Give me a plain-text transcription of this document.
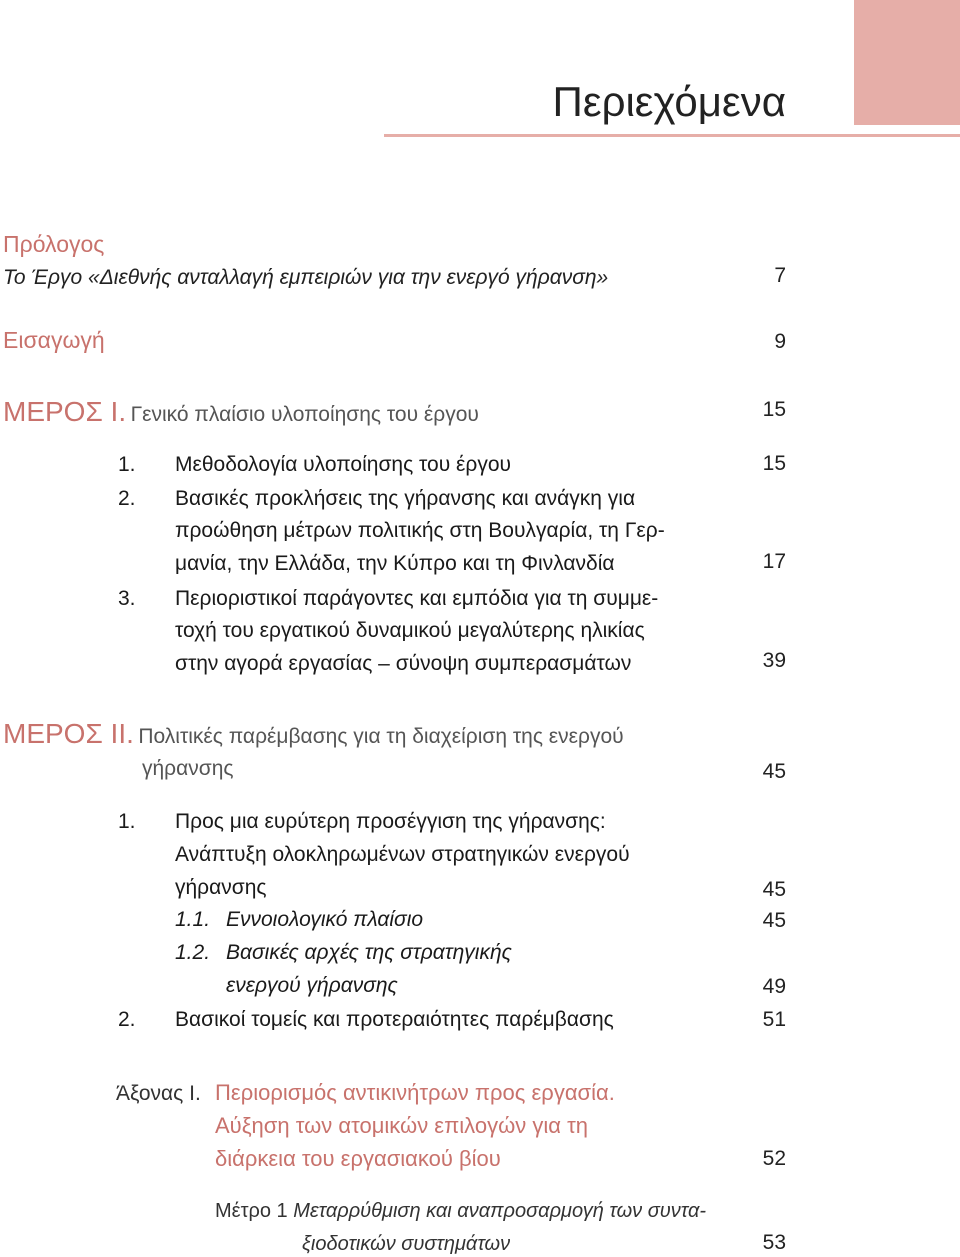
Περιεχόμενα
Πρόλογος
Το Έργο «Διεθνής ανταλλαγή εμπειριών για την ενεργό γήρανση»	7
Εισαγωγή	9
ΜΕΡΟΣ Ι. Γενικό πλαίσιο υλοποίησης του έργου	15
1. Μεθοδολογία υλοποίησης του έργου	15
2. Βασικές προκλήσεις της γήρανσης και ανάγκη για
προώθηση μέτρων πολιτικής στη Βουλγαρία, τη Γερ-
μανία, την Ελλάδα, την Κύπρο και τη Φινλανδία	17
3. Περιοριστικοί παράγοντες και εμπόδια για τη συμμε-
τοχή του εργατικού δυναμικού μεγαλύτερης ηλικίας
στην αγορά εργασίας – σύνοψη συμπερασμάτων	39
ΜΕΡΟΣ ΙΙ. Πολιτικές παρέμβασης για τη διαχείριση της ενεργού
γήρανσης	45
1. Προς μια ευρύτερη προσέγγιση της γήρανσης:
Ανάπτυξη ολοκληρωμένων στρατηγικών ενεργού
γήρανσης	45
1.1. Εννοιολογικό πλαίσιο	45
1.2. Βασικές αρχές της στρατηγικής
ενεργού γήρανσης	49
2. Βασικοί τομείς και προτεραιότητες παρέμβασης	51
Άξονας Ι. Περιορισμός αντικινήτρων προς εργασία.
Αύξηση των ατομικών επιλογών για τη
διάρκεια του εργασιακού βίου	52
Μέτρο 1 Μεταρρύθμιση και αναπροσαρμογή των συντα-
ξιοδοτικών συστημάτων	53
